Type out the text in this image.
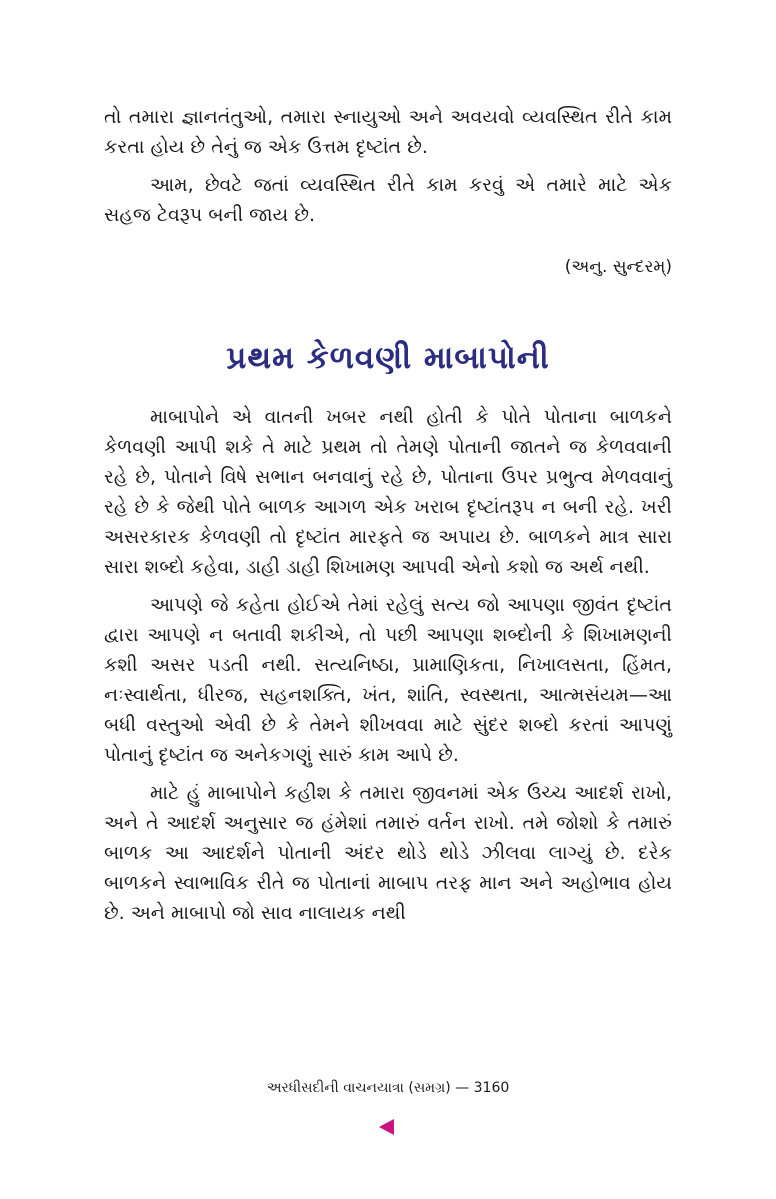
તો તમારા જ્ઞાનતંતુઓ, તમારા સ્નાયુઓ અને અવયવો વ્યવસ્થિત રીતે કામ કરતા હોય છે તેનું જ એક ઉત્તમ દૃષ્ટાંત છે.

આમ, છેવટે જતાં વ્યવસ્થિત રીતે કામ કરવું એ તમારે માટે એક સહજ ટેવરૂપ બની જાય છે.

(અનુ. સુન્દરમ્)
પ્રથમ કેળવણી માબાપોની

માબાપોને એ વાતની ખબર નથી હોતી કે પોતે પોતાના બાળકને કેળવણી આપી શકે તે માટે પ્રથમ તો તેમણે પોતાની જાતને જ કેળવવાની રહે છે, પોતાને વિષે સભાન બનવાનું રહે છે, પોતાના ઉપર પ્રભુત્વ મેળવવાનું રહે છે કે જેથી પોતે બાળક આગળ એક ખરાબ દૃષ્ટાંતરૂપ ન બની રહે. ખરી અસરકારક કેળવણી તો દૃષ્ટાંત મારફતે જ અપાય છે. બાળકને માત્ર સારા સારા શબ્દો કહેવા, ડાહી ડાહી શિખામણ આપવી એનો કશો જ અર્થ નથી.

આપણે જે કહેતા હોઈએ તેમાં રહેલું સત્ય જો આપણા જીવંત દૃષ્ટાંત દ્વારા આપણે ન બતાવી શકીએ, તો પછી આપણા શબ્દોની કે શિખામણની કશી અસર પડતી નથી. સત્યનિષ્ઠા, પ્રામાણિકતા, નિખાલસતા, હિંમત, નઃસ્વાર્થતા, ધીરજ, સહનશક્તિ, ખંત, શાંતિ, સ્વસ્થતા, આત્મસંયમ—આ બધી વસ્તુઓ એવી છે કે તેમને શીખવવા માટે સુંદર શબ્દો કરતાં આપણું પોતાનું દૃષ્ટાંત જ અનેકગણું સારું કામ આપે છે.

માટે હું માબાપોને કહીશ કે તમારા જીવનમાં એક ઉચ્ચ આદર્શ રાખો, અને તે આદર્શ અનુસાર જ હંમેશાં તમારું વર્તન રાખો. તમે જોશો કે તમારું બાળક આ આદર્શને પોતાની અંદર થોડે થોડે ઝીલવા લાગ્યું છે. દરેક બાળકને સ્વાભાવિક રીતે જ પોતાનાં માબાપ તરફ માન અને અહોભાવ હોય છે. અને માબાપો જો સાવ નાલાયક નથી

અરધીસદીની વાચનયાત્રા (સમગ્ર) — 3160
